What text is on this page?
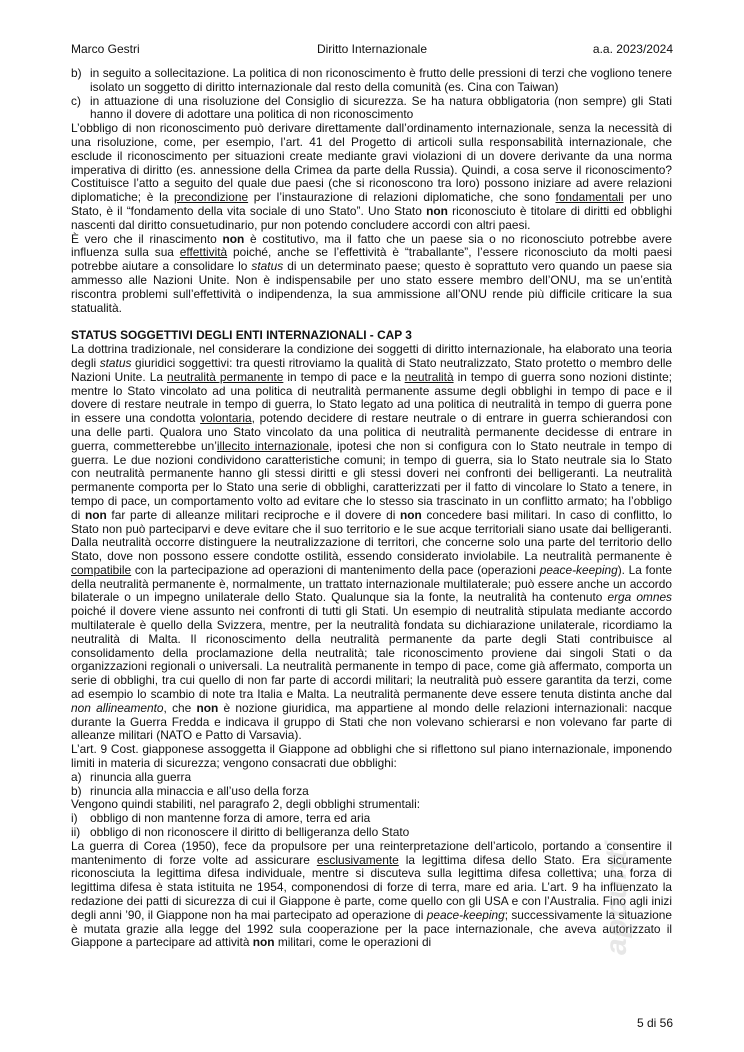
Marco Gestri	Diritto Internazionale	a.a. 2023/2024
b) in seguito a sollecitazione. La politica di non riconoscimento è frutto delle pressioni di terzi che vogliono tenere isolato un soggetto di diritto internazionale dal resto della comunità (es. Cina con Taiwan)
c) in attuazione di una risoluzione del Consiglio di sicurezza. Se ha natura obbligatoria (non sempre) gli Stati hanno il dovere di adottare una politica di non riconoscimento

L’obbligo di non riconoscimento può derivare direttamente dall’ordinamento internazionale, senza la necessità di una risoluzione, come, per esempio, l’art. 41 del Progetto di articoli sulla responsabilità internazionale, che esclude il riconoscimento per situazioni create mediante gravi violazioni di un dovere derivante da una norma imperativa di diritto (es. annessione della Crimea da parte della Russia). Quindi, a cosa serve il riconoscimento? Costituisce l’atto a seguito del quale due paesi (che si riconoscono tra loro) possono iniziare ad avere relazioni diplomatiche; è la precondizione per l’instaurazione di relazioni diplomatiche, che sono fondamentali per uno Stato, è il “fondamento della vita sociale di uno Stato”. Uno Stato non riconosciuto è titolare di diritti ed obblighi nascenti dal diritto consuetudinario, pur non potendo concludere accordi con altri paesi.

È vero che il rinascimento non è costitutivo, ma il fatto che un paese sia o no riconosciuto potrebbe avere influenza sulla sua effettività poiché, anche se l’effettività è “traballante”, l’essere riconosciuto da molti paesi potrebbe aiutare a consolidare lo status di un determinato paese; questo è soprattuto vero quando un paese sia ammesso alle Nazioni Unite. Non è indispensabile per uno stato essere membro dell’ONU, ma se un’entità riscontra problemi sull’effettività o indipendenza, la sua ammissione all’ONU rende più difficile criticare la sua statualità.

STATUS SOGGETTIVI DEGLI ENTI INTERNAZIONALI - CAP 3

La dottrina tradizionale, nel considerare la condizione dei soggetti di diritto internazionale, ha elaborato una teoria degli status giuridici soggettivi: tra questi ritroviamo la qualità di Stato neutralizzato, Stato protetto o membro delle Nazioni Unite. La neutralità permanente in tempo di pace e la neutralità in tempo di guerra sono nozioni distinte; mentre lo Stato vincolato ad una politica di neutralità permanente assume degli obblighi in tempo di pace e il dovere di restare neutrale in tempo di guerra, lo Stato legato ad una politica di neutralità in tempo di guerra pone in essere una condotta volontaria, potendo decidere di restare neutrale o di entrare in guerra schierandosi con una delle parti. Qualora uno Stato vincolato da una politica di neutralità permanente decidesse di entrare in guerra, commetterebbe un’illecito internazionale, ipotesi che non si configura con lo Stato neutrale in tempo di guerra. Le due nozioni condividono caratteristiche comuni; in tempo di guerra, sia lo Stato neutrale sia lo Stato con neutralità permanente hanno gli stessi diritti e gli stessi doveri nei confronti dei belligeranti. La neutralità permanente comporta per lo Stato una serie di obblighi, caratterizzati per il fatto di vincolare lo Stato a tenere, in tempo di pace, un comportamento volto ad evitare che lo stesso sia trascinato in un conflitto armato; ha l’obbligo di non far parte di alleanze militari reciproche e il dovere di non concedere basi militari. In caso di conflitto, lo Stato non può parteciparvi e deve evitare che il suo territorio e le sue acque territoriali siano usate dai belligeranti. Dalla neutralità occorre distinguere la neutralizzazione di territori, che concerne solo una parte del territorio dello Stato, dove non possono essere condotte ostilità, essendo considerato inviolabile. La neutralità permanente è compatibile con la partecipazione ad operazioni di mantenimento della pace (operazioni peace-keeping). La fonte della neutralità permanente è, normalmente, un trattato internazionale multilaterale; può essere anche un accordo bilaterale o un impegno unilaterale dello Stato. Qualunque sia la fonte, la neutralità ha contenuto erga omnes poiché il dovere viene assunto nei confronti di tutti gli Stati. Un esempio di neutralità stipulata mediante accordo multilaterale è quello della Svizzera, mentre, per la neutralità fondata su dichiarazione unilaterale, ricordiamo la neutralità di Malta. Il riconoscimento della neutralità permanente da parte degli Stati contribuisce al consolidamento della proclamazione della neutralità; tale riconoscimento proviene dai singoli Stati o da organizzazioni regionali o universali. La neutralità permanente in tempo di pace, come già affermato, comporta un serie di obblighi, tra cui quello di non far parte di accordi militari; la neutralità può essere garantita da terzi, come ad esempio lo scambio di note tra Italia e Malta. La neutralità permanente deve essere tenuta distinta anche dal non allineamento, che non è nozione giuridica, ma appartiene al mondo delle relazioni internazionali: nacque durante la Guerra Fredda e indicava il gruppo di Stati che non volevano schierarsi e non volevano far parte di alleanze militari (NATO e Patto di Varsavia).

L’art. 9 Cost. giapponese assoggetta il Giappone ad obblighi che si riflettono sul piano internazionale, imponendo limiti in materia di sicurezza; vengono consacrati due obblighi:

a) rinuncia alla guerra
b) rinuncia alla minaccia e all’uso della forza

Vengono quindi stabiliti, nel paragrafo 2, degli obblighi strumentali:

i)	obbligo di non mantenne forza di amore, terra ed aria
ii) obbligo di non riconoscere il diritto di belligeranza dello Stato

La guerra di Corea (1950), fece da propulsore per una reinterpretazione dell’articolo, portando a consentire il mantenimento di forze volte ad assicurare esclusivamente la legittima difesa dello Stato. Era sicuramente riconosciuta la legittima difesa individuale, mentre si discuteva sulla legittima difesa collettiva; una forza di legittima difesa è stata istituita ne 1954, componendosi di forze di terra, mare ed aria. L’art. 9 ha influenzato la redazione dei patti di sicurezza di cui il Giappone è parte, come quello con gli USA e con l’Australia. Fino agli inizi degli anni ’90, il Giappone non ha mai partecipato ad operazione di peace-keeping; successivamente la situazione è mutata grazie alla legge del 1992 sula cooperazione per la pace internazionale, che aveva autorizzato il Giappone a partecipare ad attività non militari, come le operazioni di	appunti
5 di 56
